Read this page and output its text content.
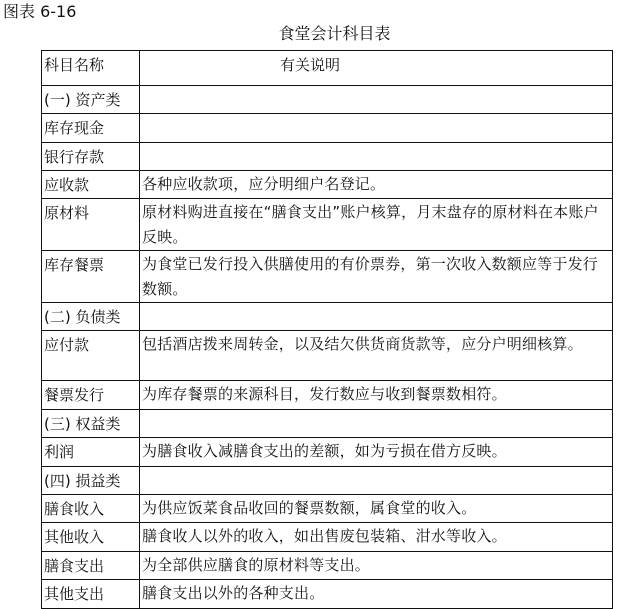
图表 6-16
食堂会计科目表
科目名称	有关说明
(一) 资产类	
库存现金	
银行存款	
应收款	各种应收款项，应分明细户名登记。
原材料	原材料购进直接在“膳食支出”账户核算，月末盘存的原材料在本账户反映。
库存餐票	为食堂已发行投入供膳使用的有价票券，第一次收入数额应等于发行数额。
(二) 负债类	
应付款	包括酒店拨来周转金，以及结欠供货商货款等，应分户明细核算。
餐票发行	为库存餐票的来源科目，发行数应与收到餐票数相符。
(三) 权益类	
利润	为膳食收入减膳食支出的差额，如为亏损在借方反映。
(四) 损益类	
膳食收入	为供应饭菜食品收回的餐票数额，属食堂的收入。
其他收入	膳食收人以外的收入，如出售废包装箱、泔水等收入。
膳食支出	为全部供应膳食的原材料等支出。
其他支出	膳食支出以外的各种支出。
